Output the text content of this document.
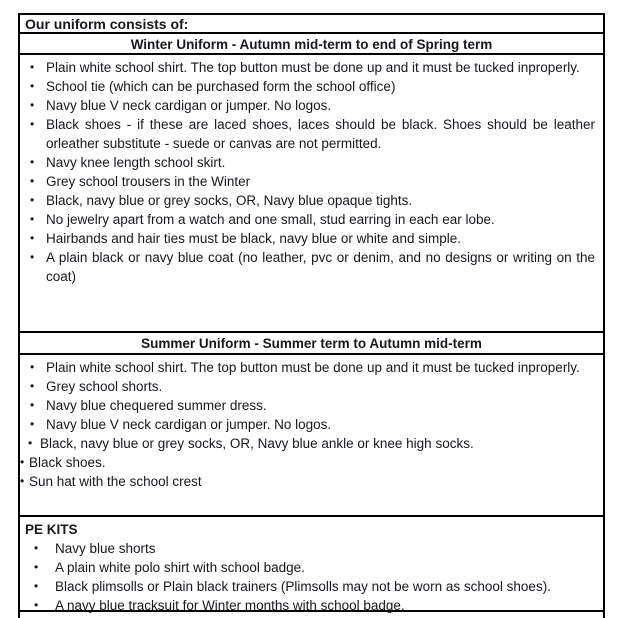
Our uniform consists of:
Winter Uniform - Autumn mid-term to end of Spring term
• Plain white school shirt. The top button must be done up and it must be tucked inproperly.
• School tie (which can be purchased form the school office)
• Navy blue V neck cardigan or jumper. No logos.
• Black shoes - if these are laced shoes, laces should be black. Shoes should be leather orleather substitute - suede or canvas are not permitted.
• Navy knee length school skirt.
• Grey school trousers in the Winter
• Black, navy blue or grey socks, OR, Navy blue opaque tights.
• No jewelry apart from a watch and one small, stud earring in each ear lobe.
• Hairbands and hair ties must be black, navy blue or white and simple.
• A plain black or navy blue coat (no leather, pvc or denim, and no designs or writing on the coat)
Summer Uniform - Summer term to Autumn mid-term
• Plain white school shirt. The top button must be done up and it must be tucked inproperly.
• Grey school shorts.
• Navy blue chequered summer dress.
• Navy blue V neck cardigan or jumper. No logos.
• Black, navy blue or grey socks, OR, Navy blue ankle or knee high socks.
• Black shoes.
• Sun hat with the school crest
PE KITS
• Navy blue shorts
• A plain white polo shirt with school badge.
• Black plimsolls or Plain black trainers (Plimsolls may not be worn as school shoes).
• A navy blue tracksuit for Winter months with school badge.
